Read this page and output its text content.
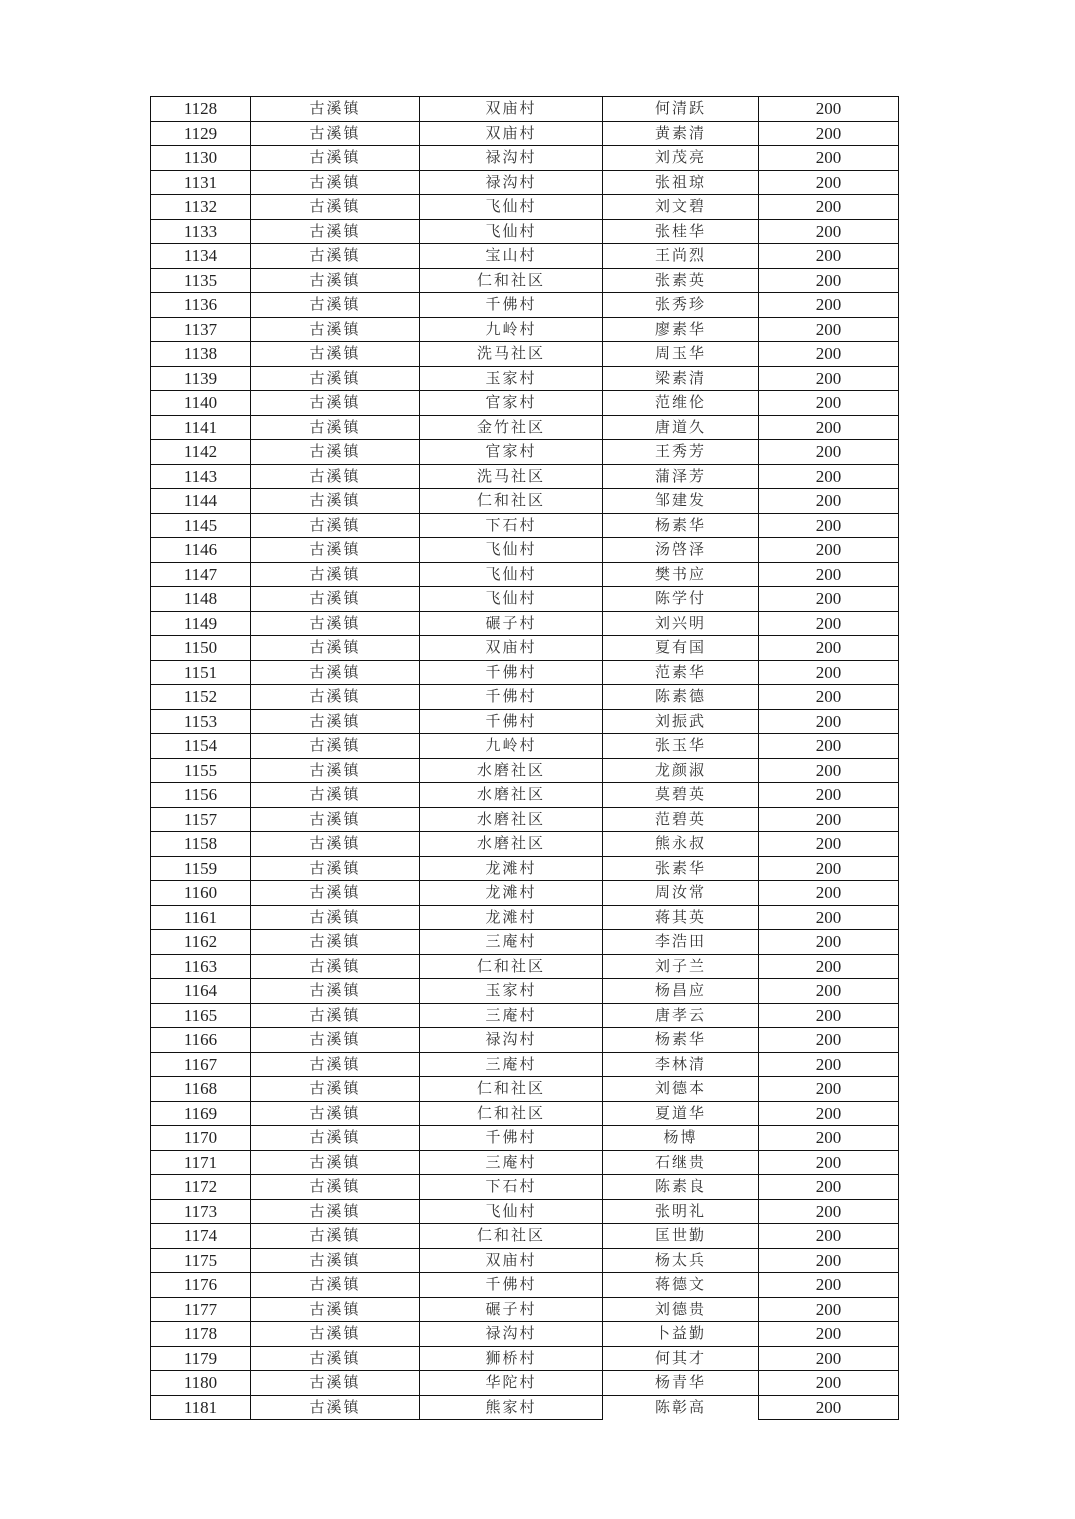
1128	古溪镇	双庙村	何清跃	200
1129	古溪镇	双庙村	黄素清	200
1130	古溪镇	禄沟村	刘茂亮	200
1131	古溪镇	禄沟村	张祖琼	200
1132	古溪镇	飞仙村	刘文碧	200
1133	古溪镇	飞仙村	张桂华	200
1134	古溪镇	宝山村	王尚烈	200
1135	古溪镇	仁和社区	张素英	200
1136	古溪镇	千佛村	张秀珍	200
1137	古溪镇	九岭村	廖素华	200
1138	古溪镇	洗马社区	周玉华	200
1139	古溪镇	玉家村	梁素清	200
1140	古溪镇	官家村	范维伦	200
1141	古溪镇	金竹社区	唐道久	200
1142	古溪镇	官家村	王秀芳	200
1143	古溪镇	洗马社区	蒲泽芳	200
1144	古溪镇	仁和社区	邹建发	200
1145	古溪镇	下石村	杨素华	200
1146	古溪镇	飞仙村	汤啓泽	200
1147	古溪镇	飞仙村	樊书应	200
1148	古溪镇	飞仙村	陈学付	200
1149	古溪镇	碾子村	刘兴明	200
1150	古溪镇	双庙村	夏有国	200
1151	古溪镇	千佛村	范素华	200
1152	古溪镇	千佛村	陈素德	200
1153	古溪镇	千佛村	刘振武	200
1154	古溪镇	九岭村	张玉华	200
1155	古溪镇	水磨社区	龙颜淑	200
1156	古溪镇	水磨社区	莫碧英	200
1157	古溪镇	水磨社区	范碧英	200
1158	古溪镇	水磨社区	熊永叔	200
1159	古溪镇	龙滩村	张素华	200
1160	古溪镇	龙滩村	周汝常	200
1161	古溪镇	龙滩村	蒋其英	200
1162	古溪镇	三庵村	李浩田	200
1163	古溪镇	仁和社区	刘子兰	200
1164	古溪镇	玉家村	杨昌应	200
1165	古溪镇	三庵村	唐孝云	200
1166	古溪镇	禄沟村	杨素华	200
1167	古溪镇	三庵村	李林清	200
1168	古溪镇	仁和社区	刘德本	200
1169	古溪镇	仁和社区	夏道华	200
1170	古溪镇	千佛村	杨博	200
1171	古溪镇	三庵村	石继贵	200
1172	古溪镇	下石村	陈素良	200
1173	古溪镇	飞仙村	张明礼	200
1174	古溪镇	仁和社区	匡世勤	200
1175	古溪镇	双庙村	杨太兵	200
1176	古溪镇	千佛村	蒋德文	200
1177	古溪镇	碾子村	刘德贵	200
1178	古溪镇	禄沟村	卜益勤	200
1179	古溪镇	狮桥村	何其才	200
1180	古溪镇	华陀村	杨青华	200
1181	古溪镇	熊家村	陈彰高	200
